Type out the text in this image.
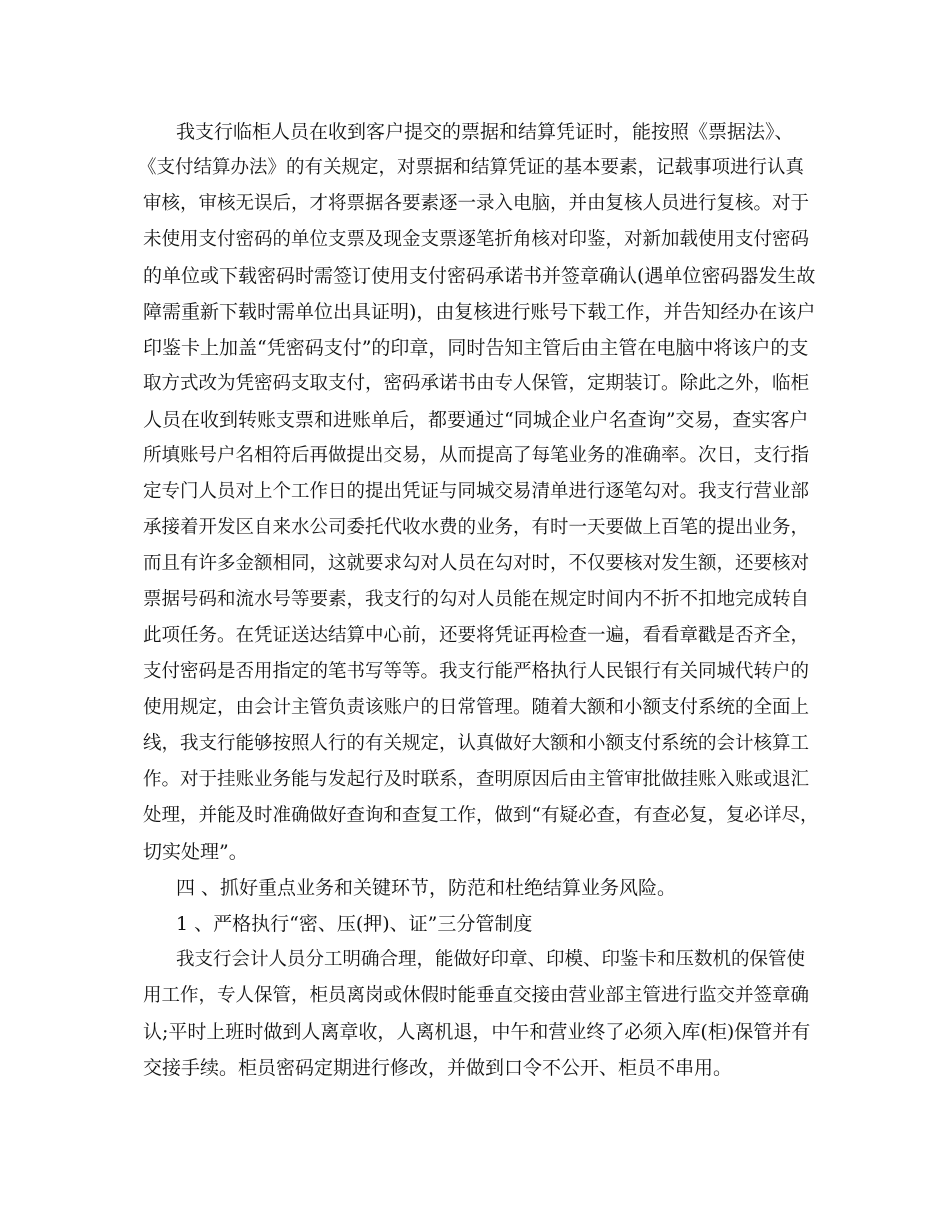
我支行临柜人员在收到客户提交的票据和结算凭证时，能按照《票据法》、
《支付结算办法》的有关规定，对票据和结算凭证的基本要素，记载事项进行认真
审核，审核无误后，才将票据各要素逐一录入电脑，并由复核人员进行复核。对于
未使用支付密码的单位支票及现金支票逐笔折角核对印鉴，对新加载使用支付密码
的单位或下载密码时需签订使用支付密码承诺书并签章确认(遇单位密码器发生故
障需重新下载时需单位出具证明)，由复核进行账号下载工作，并告知经办在该户
印鉴卡上加盖“凭密码支付”的印章，同时告知主管后由主管在电脑中将该户的支
取方式改为凭密码支取支付，密码承诺书由专人保管，定期装订。除此之外，临柜
人员在收到转账支票和进账单后，都要通过“同城企业户名查询”交易，查实客户
所填账号户名相符后再做提出交易，从而提高了每笔业务的准确率。次日，支行指
定专门人员对上个工作日的提出凭证与同城交易清单进行逐笔勾对。我支行营业部
承接着开发区自来水公司委托代收水费的业务，有时一天要做上百笔的提出业务，
而且有许多金额相同，这就要求勾对人员在勾对时，不仅要核对发生额，还要核对
票据号码和流水号等要素，我支行的勾对人员能在规定时间内不折不扣地完成转自
此项任务。在凭证送达结算中心前，还要将凭证再检查一遍，看看章戳是否齐全，
支付密码是否用指定的笔书写等等。我支行能严格执行人民银行有关同城代转户的
使用规定，由会计主管负责该账户的日常管理。随着大额和小额支付系统的全面上
线，我支行能够按照人行的有关规定，认真做好大额和小额支付系统的会计核算工
作。对于挂账业务能与发起行及时联系，查明原因后由主管审批做挂账入账或退汇
处理，并能及时准确做好查询和查复工作，做到“有疑必查，有查必复，复必详尽，
切实处理”。
四 、抓好重点业务和关键环节，防范和杜绝结算业务风险。
1 、严格执行“密、压(押)、证”三分管制度
我支行会计人员分工明确合理，能做好印章、印模、印鉴卡和压数机的保管使
用工作，专人保管，柜员离岗或休假时能垂直交接由营业部主管进行监交并签章确
认;平时上班时做到人离章收，人离机退，中午和营业终了必须入库(柜)保管并有
交接手续。柜员密码定期进行修改，并做到口令不公开、柜员不串用。
